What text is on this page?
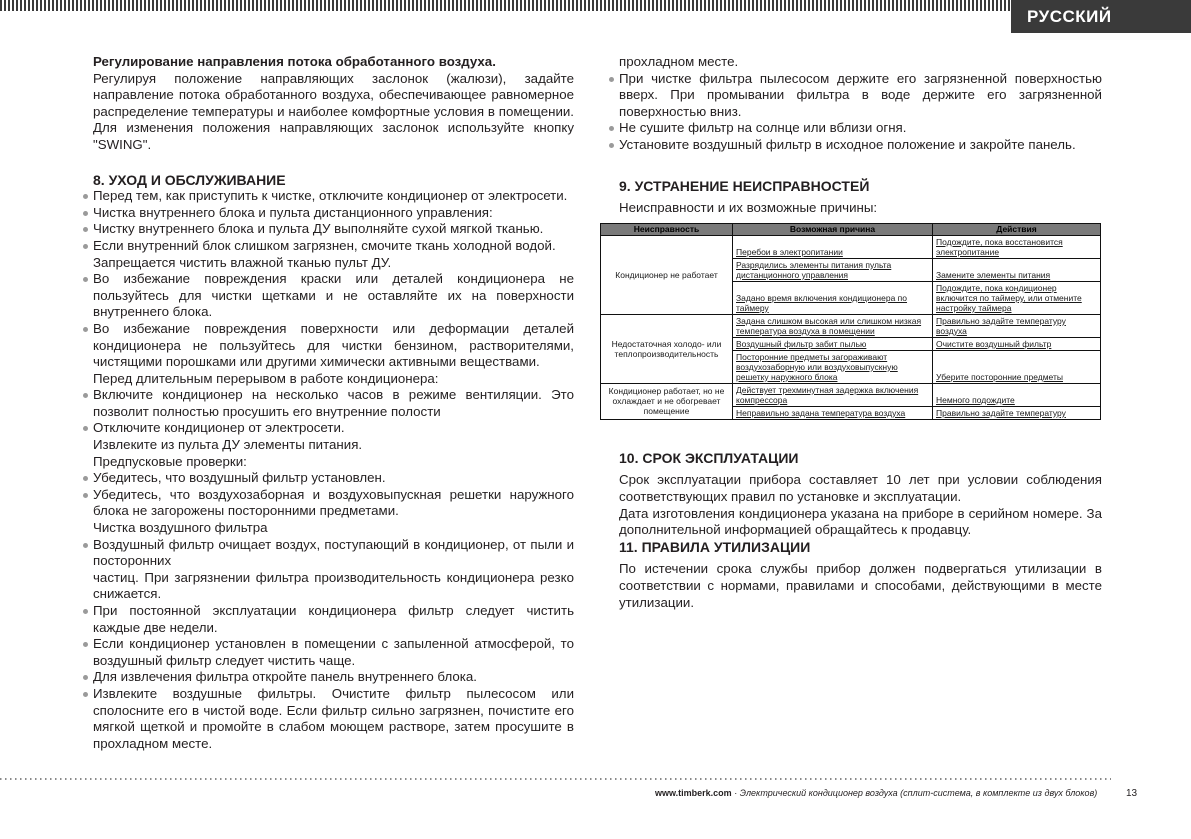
РУССКИЙ

Регулирование направления потока обработанного воздуха.

Регулируя положение направляющих заслонок (жалюзи), задайте направление потока обработанного воздуха, обеспечивающее равномерное распределение температуры и наиболее комфортные условия в помещении. Для изменения положения направляющих заслонок используйте кнопку "SWING".

8. УХОД И ОБСЛУЖИВАНИЕ

Перед тем, как приступить к чистке, отключите кондиционер от электросети.

Чистка внутреннего блока и пульта дистанционного управления:

Чистку внутреннего блока и пульта ДУ выполняйте сухой мягкой тканью.

Если внутренний блок слишком загрязнен, смочите ткань холодной водой.

Запрещается чистить влажной тканью пульт ДУ.

Во избежание повреждения краски или деталей кондиционера не пользуйтесь для чистки щетками и не оставляйте их на поверхности внутреннего блока.

Во избежание повреждения поверхности или деформации деталей кондиционера не пользуйтесь для чистки бензином, растворителями, чистящими порошками или другими химически активными веществами.

Перед длительным перерывом в работе кондиционера:

Включите кондиционер на несколько часов в режиме вентиляции. Это позволит полностью просушить его внутренние полости

Отключите кондиционер от электросети.

Извлеките из пульта ДУ элементы питания.

Предпусковые проверки:

Убедитесь, что воздушный фильтр установлен.

Убедитесь, что воздухозаборная и воздуховыпускная решетки наружного блока не загорожены посторонними предметами.

Чистка воздушного фильтра

Воздушный фильтр очищает воздух, поступающий в кондиционер, от пыли и посторонних

частиц. При загрязнении фильтра производительность кондиционера резко снижается.

При постоянной эксплуатации кондиционера фильтр следует чистить каждые две недели.

Если кондиционер установлен в помещении с запыленной атмосферой, то воздушный фильтр следует чистить чаще.

Для извлечения фильтра откройте панель внутреннего блока.

Извлеките воздушные фильтры. Очистите фильтр пылесосом или сполосните его в чистой воде. Если фильтр сильно загрязнен, почистите его мягкой щеткой и промойте в слабом моющем растворе, затем просушите в прохладном месте.

прохладном месте.

При чистке фильтра пылесосом держите его загрязненной поверхностью вверх. При промывании фильтра в воде держите его загрязненной поверхностью вниз.

Не сушите фильтр на солнце или вблизи огня.

Установите воздушный фильтр в исходное положение и закройте панель.

9. УСТРАНЕНИЕ НЕИСПРАВНОСТЕЙ

Неисправности и их возможные причины:

Неисправность	Возможная причина	Действия
Кондиционер не работает	Перебои в электропитании	Подождите, пока восстановится электропитание
	Разрядились элементы питания пульта дистанционного управления	Замените элементы питания
	Задано время включения кондиционера по таймеру	Подождите, пока кондиционер включится по таймеру, или отмените настройку таймера
Недостаточная холодо- или теплопроизводительность	Задана слишком высокая или слишком низкая температура воздуха в помещении	Правильно задайте температуру воздуха
	Воздушный фильтр забит пылью	Очистите воздушный фильтр
	Посторонние предметы загораживают воздухозаборную или воздуховыпускную решетку наружного блока	Уберите посторонние предметы
Кондиционер работает, но не охлаждает и не обогревает помещение	Действует трехминутная задержка включения компрессора	Немного подождите
	Неправильно задана температура воздуха	Правильно задайте температуру

10. СРОК ЭКСПЛУАТАЦИИ

Срок эксплуатации прибора составляет 10 лет при условии соблюдения соответствующих правил по установке и эксплуатации.

Дата изготовления кондиционера указана на приборе в серийном номере. За дополнительной информацией обращайтесь к продавцу.

11. ПРАВИЛА УТИЛИЗАЦИИ

По истечении срока службы прибор должен подвергаться утилизации в соответствии с нормами, правилами и способами, действующими в месте утилизации.

www.timberk.com · Электрический кондиционер воздуха (сплит-система, в комплекте из двух блоков)	13
